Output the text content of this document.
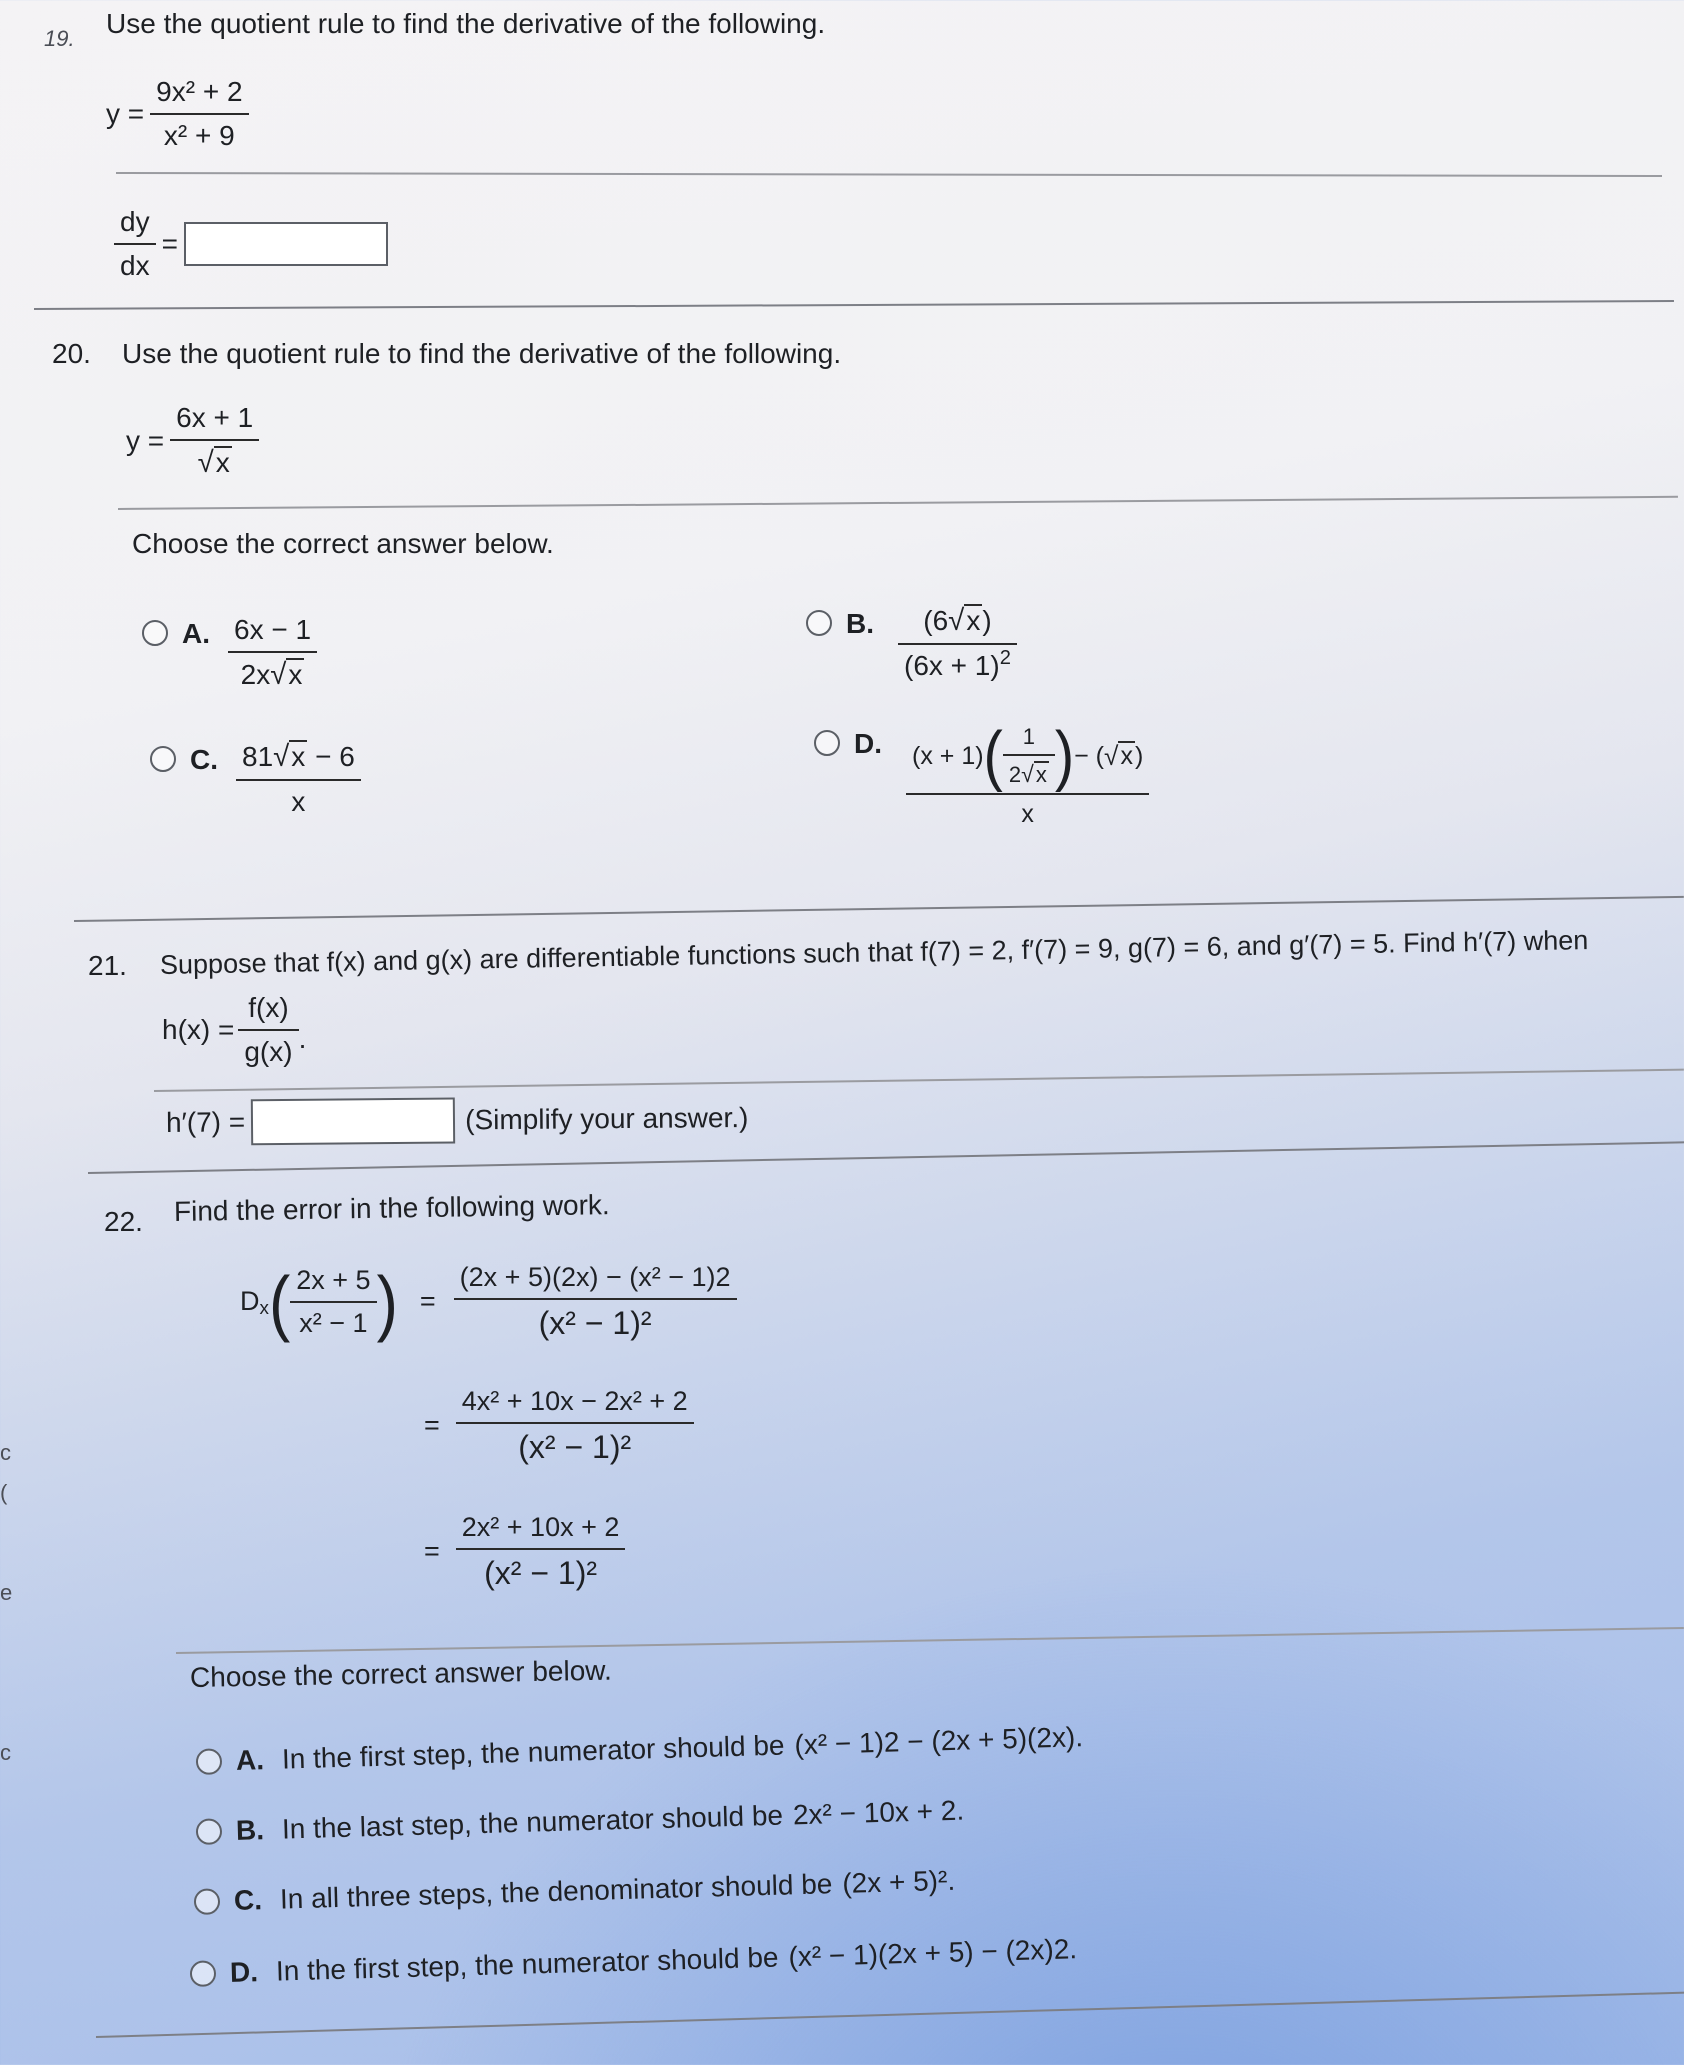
19. Use the quotient rule to find the derivative of the following.
$y = \frac{\text{9x² + 2}}{\text{x² + 9}}$
$\frac{dy}{dx}$ =
20. Use the quotient rule to find the derivative of the following.
$y = \frac{6x + 1}{√ x}$
Choose the correct answer below.
A. $\frac{6x - 1}{2x √ x}$	B. $\frac{(6 √ x )}{(6x + 1)^2}$
C. $\frac{81 √ x - 6}{x}$	D. (x + 1) ( $\frac{1}{2 √ x}$ ) − ( √ x )
x
21. Suppose that f(x) and g(x) are differentiable functions such that f(7) = 2, f′(7) = 9, g(7) = 6, and g′(7) = 5. Find h′(7) when
$h(x) = \frac{f(x)}{g(x)}$ .
h′(7) =	(Simplify your answer.)
22. Find the error in the following work.
$D_x$ ( $\frac{2x + 5}{\text{x² − 1}}$ ) = $\frac{\text{(2x + 5)(2x) − (x² − 1)2}}{\text{(x² − 1)²}}$
= $\frac{\text{4x² + 10x − 2x² + 2}}{\text{(x² − 1)²}}$
= $\frac{\text{2x² + 10x + 2}}{\text{(x² − 1)²}}$
Choose the correct answer below.
A. In the first step, the numerator should be (x² − 1)2 − (2x + 5)(2x).
B. In the last step, the numerator should be 2x² − 10x + 2.
C. In all three steps, the denominator should be (2x + 5)².
D. In the first step, the numerator should be (x² − 1)(2x + 5) − (2x)2.
c
(
e
c
